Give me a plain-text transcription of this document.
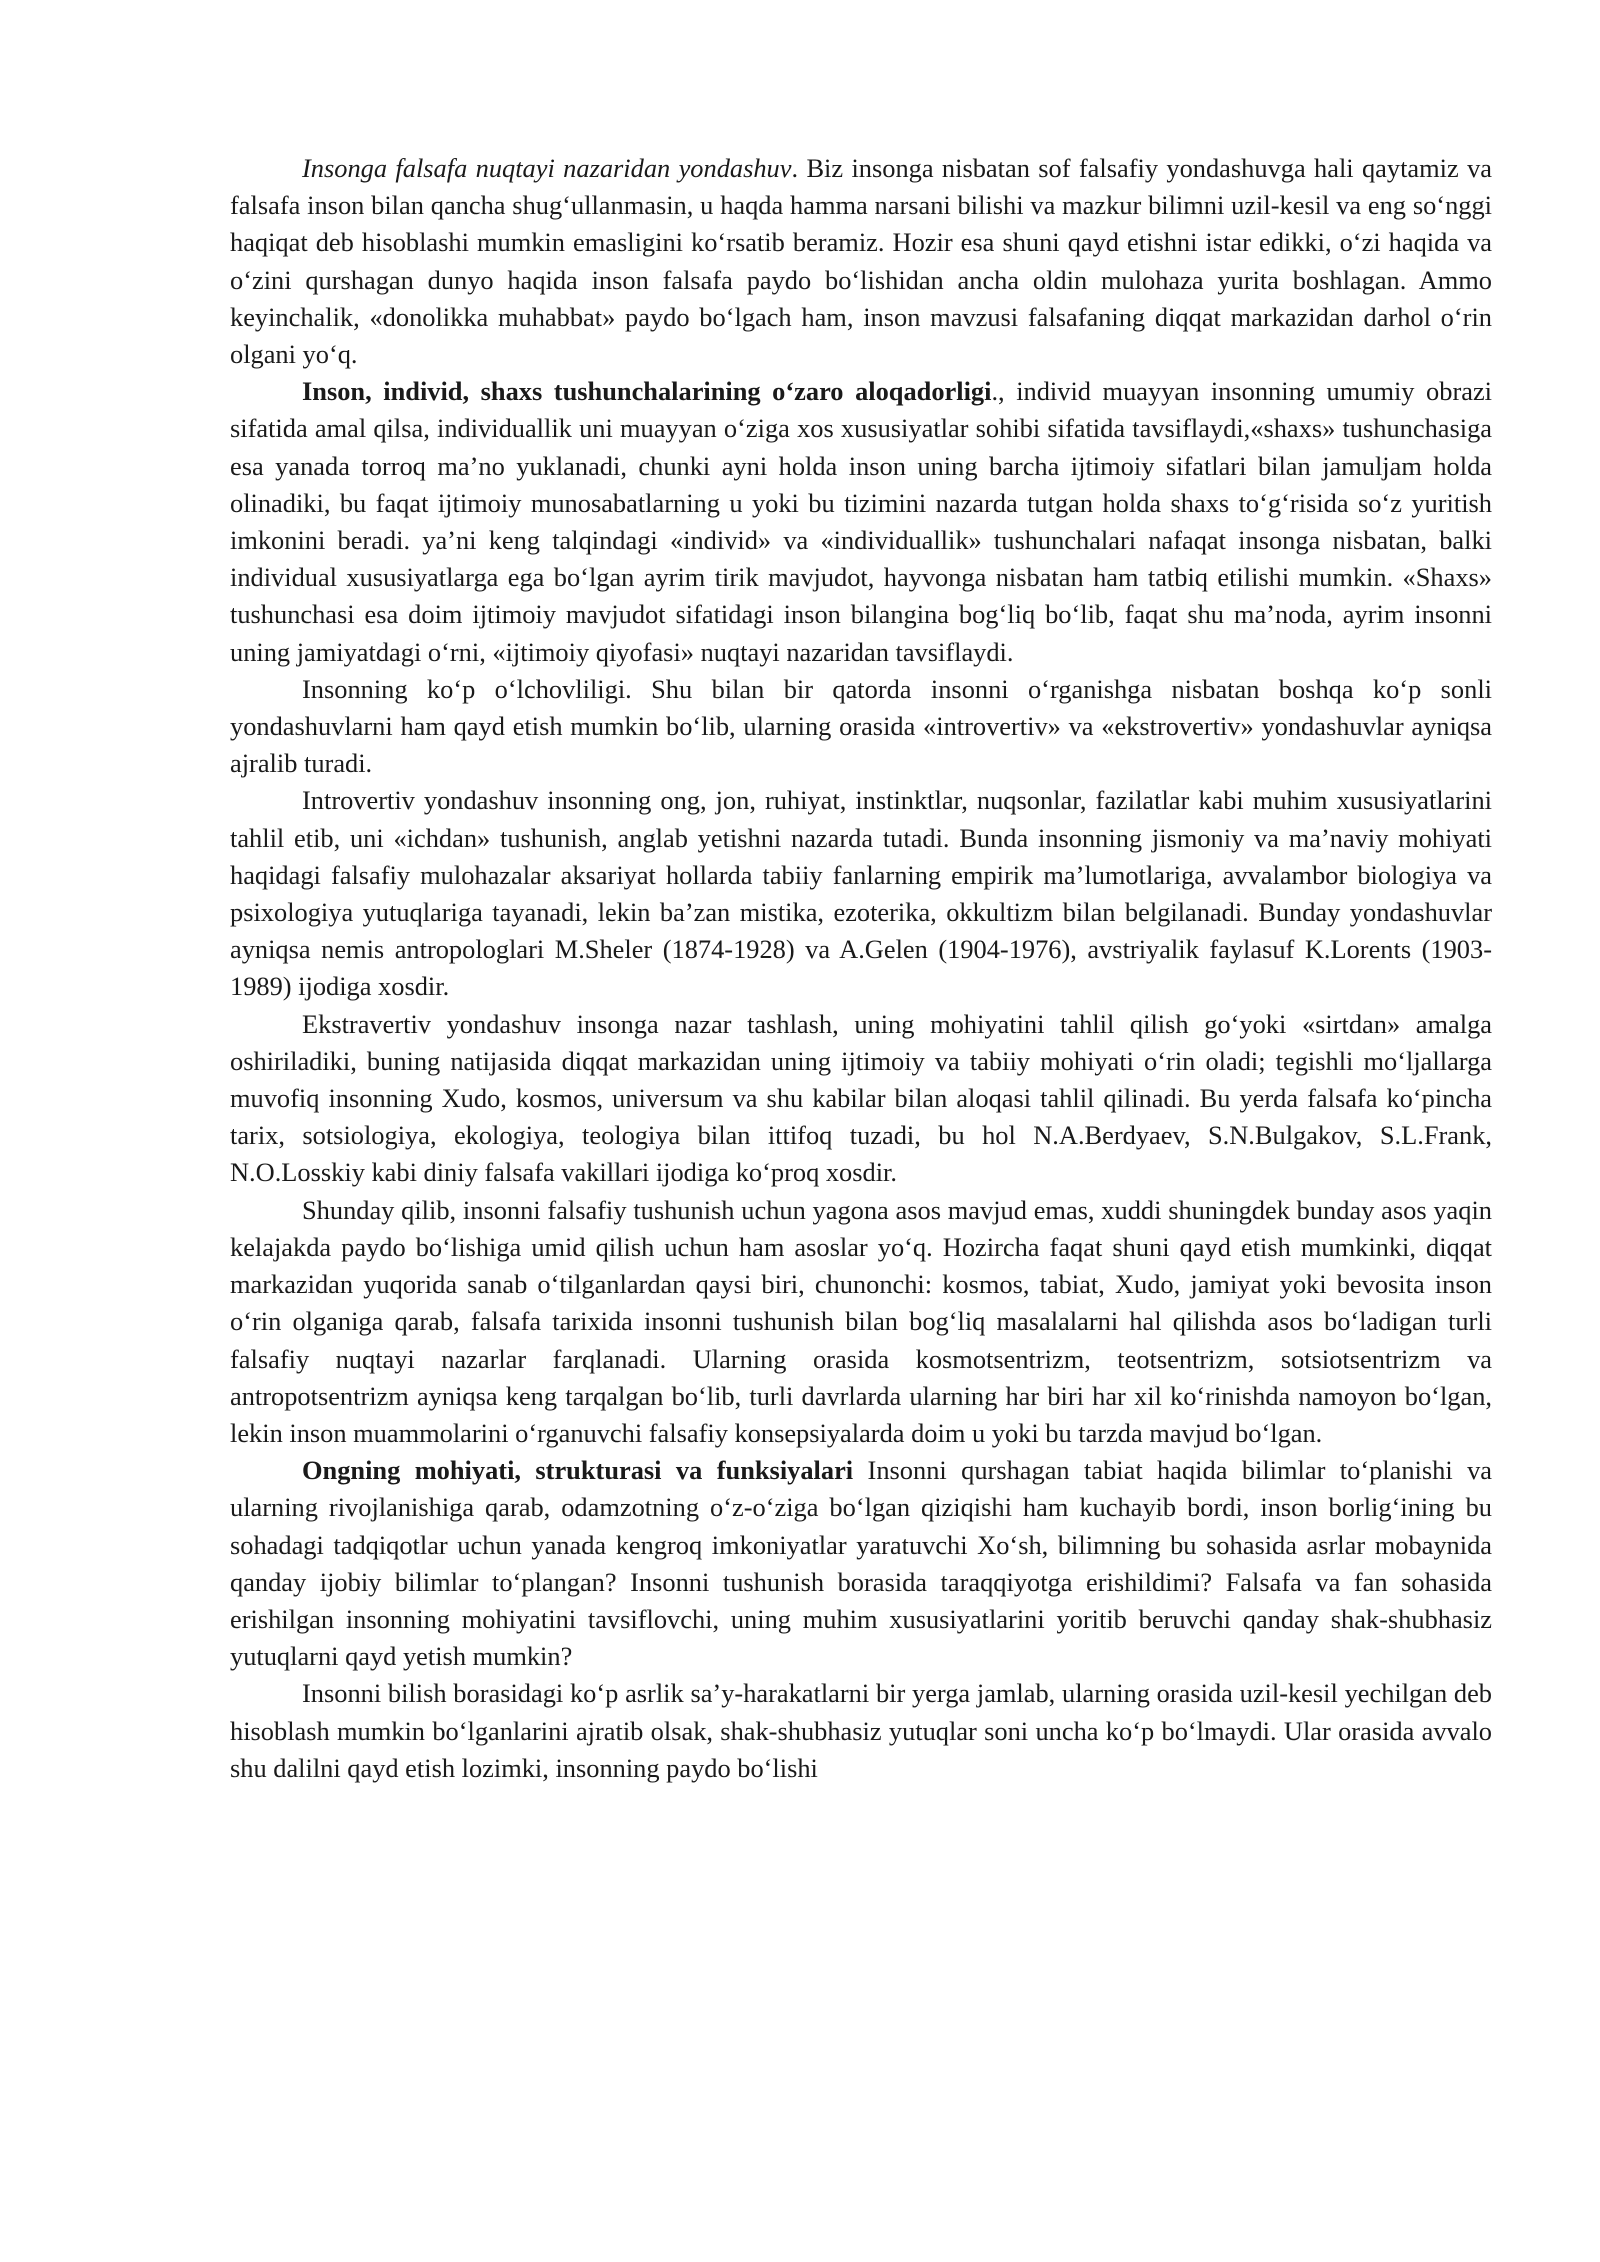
Insonga falsafa nuqtayi nazaridan yondashuv. Biz insonga nisbatan sof falsafiy yondashuvga hali qaytamiz va falsafa inson bilan qancha shug‘ullanmasin, u haqda hamma narsani bilishi va mazkur bilimni uzil-kesil va eng so‘nggi haqiqat deb hisoblashi mumkin emasligini ko‘rsatib beramiz. Hozir esa shuni qayd etishni istar edikki, o‘zi haqida va o‘zini qurshagan dunyo haqida inson falsafa paydo bo‘lishidan ancha oldin mulohaza yurita boshlagan. Ammo keyinchalik, «donolikka muhabbat» paydo bo‘lgach ham, inson mavzusi falsafaning diqqat markazidan darhol o‘rin olgani yo‘q.

Inson, individ, shaxs tushunchalarining o‘zaro aloqadorligi., individ muayyan insonning umumiy obrazi sifatida amal qilsa, individuallik uni muayyan o‘ziga xos xususiyatlar sohibi sifatida tavsiflaydi,«shaxs» tushunchasiga esa yanada torroq ma’no yuklanadi, chunki ayni holda inson uning barcha ijtimoiy sifatlari bilan jamuljam holda olinadiki, bu faqat ijtimoiy munosabatlarning u yoki bu tizimini nazarda tutgan holda shaxs to‘g‘risida so‘z yuritish imkonini beradi. ya’ni keng talqindagi «individ» va «individuallik» tushunchalari nafaqat insonga nisbatan, balki individual xususiyatlarga ega bo‘lgan ayrim tirik mavjudot, hayvonga nisbatan ham tatbiq etilishi mumkin. «Shaxs» tushunchasi esa doim ijtimoiy mavjudot sifatidagi inson bilangina bog‘liq bo‘lib, faqat shu ma’noda, ayrim insonni uning jamiyatdagi o‘rni, «ijtimoiy qiyofasi» nuqtayi nazaridan tavsiflaydi.

Insonning ko‘p o‘lchovliligi. Shu bilan bir qatorda insonni o‘rganishga nisbatan boshqa ko‘p sonli yondashuvlarni ham qayd etish mumkin bo‘lib, ularning orasida «introvertiv» va «ekstrovertiv» yondashuvlar ayniqsa ajralib turadi.

Introvertiv yondashuv insonning ong, jon, ruhiyat, instinktlar, nuqsonlar, fazilatlar kabi muhim xususiyatlarini tahlil etib, uni «ichdan» tushunish, anglab yetishni nazarda tutadi. Bunda insonning jismoniy va ma’naviy mohiyati haqidagi falsafiy mulohazalar aksariyat hollarda tabiiy fanlarning empirik ma’lumotlariga, avvalambor biologiya va psixologiya yutuqlariga tayanadi, lekin ba’zan mistika, ezoterika, okkultizm bilan belgilanadi. Bunday yondashuvlar ayniqsa nemis antropologlari M.Sheler (1874-1928) va A.Gelen (1904-1976), avstriyalik faylasuf K.Lorents (1903-1989) ijodiga xosdir.

Ekstravertiv yondashuv insonga nazar tashlash, uning mohiyatini tahlil qilish go‘yoki «sirtdan» amalga oshiriladiki, buning natijasida diqqat markazidan uning ijtimoiy va tabiiy mohiyati o‘rin oladi; tegishli mo‘ljallarga muvofiq insonning Xudo, kosmos, universum va shu kabilar bilan aloqasi tahlil qilinadi. Bu yerda falsafa ko‘pincha tarix, sotsiologiya, ekologiya, teologiya bilan ittifoq tuzadi, bu hol N.A.Berdyaev, S.N.Bulgakov, S.L.Frank, N.O.Losskiy kabi diniy falsafa vakillari ijodiga ko‘proq xosdir.

Shunday qilib, insonni falsafiy tushunish uchun yagona asos mavjud emas, xuddi shuningdek bunday asos yaqin kelajakda paydo bo‘lishiga umid qilish uchun ham asoslar yo‘q. Hozircha faqat shuni qayd etish mumkinki, diqqat markazidan yuqorida sanab o‘tilganlardan qaysi biri, chunonchi: kosmos, tabiat, Xudo, jamiyat yoki bevosita inson o‘rin olganiga qarab, falsafa tarixida insonni tushunish bilan bog‘liq masalalarni hal qilishda asos bo‘ladigan turli falsafiy nuqtayi nazarlar farqlanadi. Ularning orasida kosmotsentrizm, teotsentrizm, sotsiotsentrizm va antropotsentrizm ayniqsa keng tarqalgan bo‘lib, turli davrlarda ularning har biri har xil ko‘rinishda namoyon bo‘lgan, lekin inson muammolarini o‘rganuvchi falsafiy konsepsiyalarda doim u yoki bu tarzda mavjud bo‘lgan.

Ongning mohiyati, strukturasi va funksiyalari Insonni qurshagan tabiat haqida bilimlar to‘planishi va ularning rivojlanishiga qarab, odamzotning o‘z-o‘ziga bo‘lgan qiziqishi ham kuchayib bordi, inson borlig‘ining bu sohadagi tadqiqotlar uchun yanada kengroq imkoniyatlar yaratuvchi Xo‘sh, bilimning bu sohasida asrlar mobaynida qanday ijobiy bilimlar to‘plangan? Insonni tushunish borasida taraqqiyotga erishildimi? Falsafa va fan sohasida erishilgan insonning mohiyatini tavsiflovchi, uning muhim xususiyatlarini yoritib beruvchi qanday shak-shubhasiz yutuqlarni qayd yetish mumkin?

Insonni bilish borasidagi ko‘p asrlik sa’y-harakatlarni bir yerga jamlab, ularning orasida uzil-kesil yechilgan deb hisoblash mumkin bo‘lganlarini ajratib olsak, shak-shubhasiz yutuqlar soni uncha ko‘p bo‘lmaydi. Ular orasida avvalo shu dalilni qayd etish lozimki, insonning paydo bo‘lishi
